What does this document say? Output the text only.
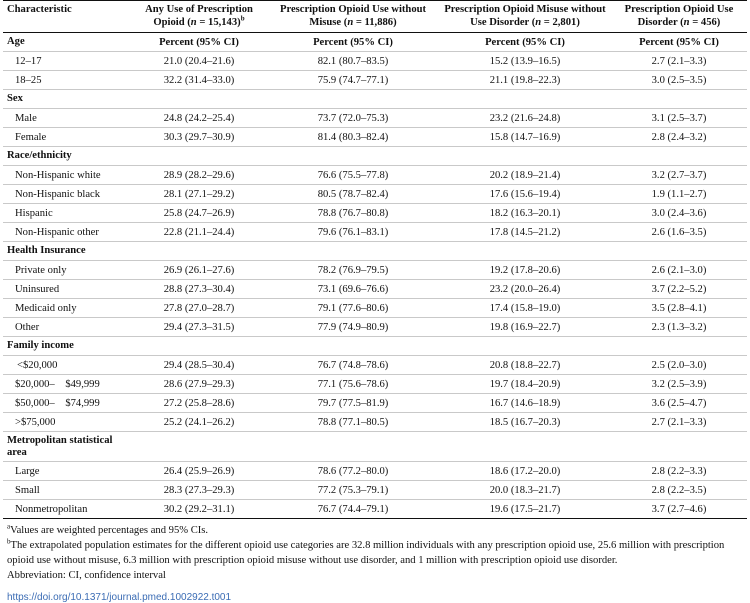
Characteristic	Any Use of Prescription Opioid (n = 15,143)$^b$	Prescription Opioid Use without Misuse (n = 11,886)	Prescription Opioid Misuse without Use Disorder (n = 2,801)	Prescription Opioid Use Disorder (n = 456)
Age	Percent (95% CI)	Percent (95% CI)	Percent (95% CI)	Percent (95% CI)
12–17	21.0 (20.4–21.6)	82.1 (80.7–83.5)	15.2 (13.9–16.5)	2.7 (2.1–3.3)
18–25	32.2 (31.4–33.0)	75.9 (74.7–77.1)	21.1 (19.8–22.3)	3.0 (2.5–3.5)
Sex				
Male	24.8 (24.2–25.4)	73.7 (72.0–75.3)	23.2 (21.6–24.8)	3.1 (2.5–3.7)
Female	30.3 (29.7–30.9)	81.4 (80.3–82.4)	15.8 (14.7–16.9)	2.8 (2.4–3.2)
Race/ethnicity				
Non-Hispanic white	28.9 (28.2–29.6)	76.6 (75.5–77.8)	20.2 (18.9–21.4)	3.2 (2.7–3.7)
Non-Hispanic black	28.1 (27.1–29.2)	80.5 (78.7–82.4)	17.6 (15.6–19.4)	1.9 (1.1–2.7)
Hispanic	25.8 (24.7–26.9)	78.8 (76.7–80.8)	18.2 (16.3–20.1)	3.0 (2.4–3.6)
Non-Hispanic other	22.8 (21.1–24.4)	79.6 (76.1–83.1)	17.8 (14.5–21.2)	2.6 (1.6–3.5)
Health Insurance				
Private only	26.9 (26.1–27.6)	78.2 (76.9–79.5)	19.2 (17.8–20.6)	2.6 (2.1–3.0)
Uninsured	28.8 (27.3–30.4)	73.1 (69.6–76.6)	23.2 (20.0–26.4)	3.7 (2.2–5.2)
Medicaid only	27.8 (27.0–28.7)	79.1 (77.6–80.6)	17.4 (15.8–19.0)	3.5 (2.8–4.1)
Other	29.4 (27.3–31.5)	77.9 (74.9–80.9)	19.8 (16.9–22.7)	2.3 (1.3–3.2)
Family income				
<$20,000	29.4 (28.5–30.4)	76.7 (74.8–78.6)	20.8 (18.8–22.7)	2.5 (2.0–3.0)
$20,000–    $49,999	28.6 (27.9–29.3)	77.1 (75.6–78.6)	19.7 (18.4–20.9)	3.2 (2.5–3.9)
$50,000–    $74,999	27.2 (25.8–28.6)	79.7 (77.5–81.9)	16.7 (14.6–18.9)	3.6 (2.5–4.7)
>$75,000	25.2 (24.1–26.2)	78.8 (77.1–80.5)	18.5 (16.7–20.3)	2.7 (2.1–3.3)
Metropolitan statistical area				
Large	26.4 (25.9–26.9)	78.6 (77.2–80.0)	18.6 (17.2–20.0)	2.8 (2.2–3.3)
Small	28.3 (27.3–29.3)	77.2 (75.3–79.1)	20.0 (18.3–21.7)	2.8 (2.2–3.5)
Nonmetropolitan	30.2 (29.2–31.1)	76.7 (74.4–79.1)	19.6 (17.5–21.7)	3.7 (2.7–4.6)

$^a$Values are weighted percentages and 95% CIs.

$^b$The extrapolated population estimates for the different opioid use categories are 32.8 million individuals with any prescription opioid use, 25.6 million with prescription opioid use without misuse, 6.3 million with prescription opioid misuse without use disorder, and 1 million with prescription opioid use disorder.

Abbreviation: CI, confidence interval

https://doi.org/10.1371/journal.pmed.1002922.t001
